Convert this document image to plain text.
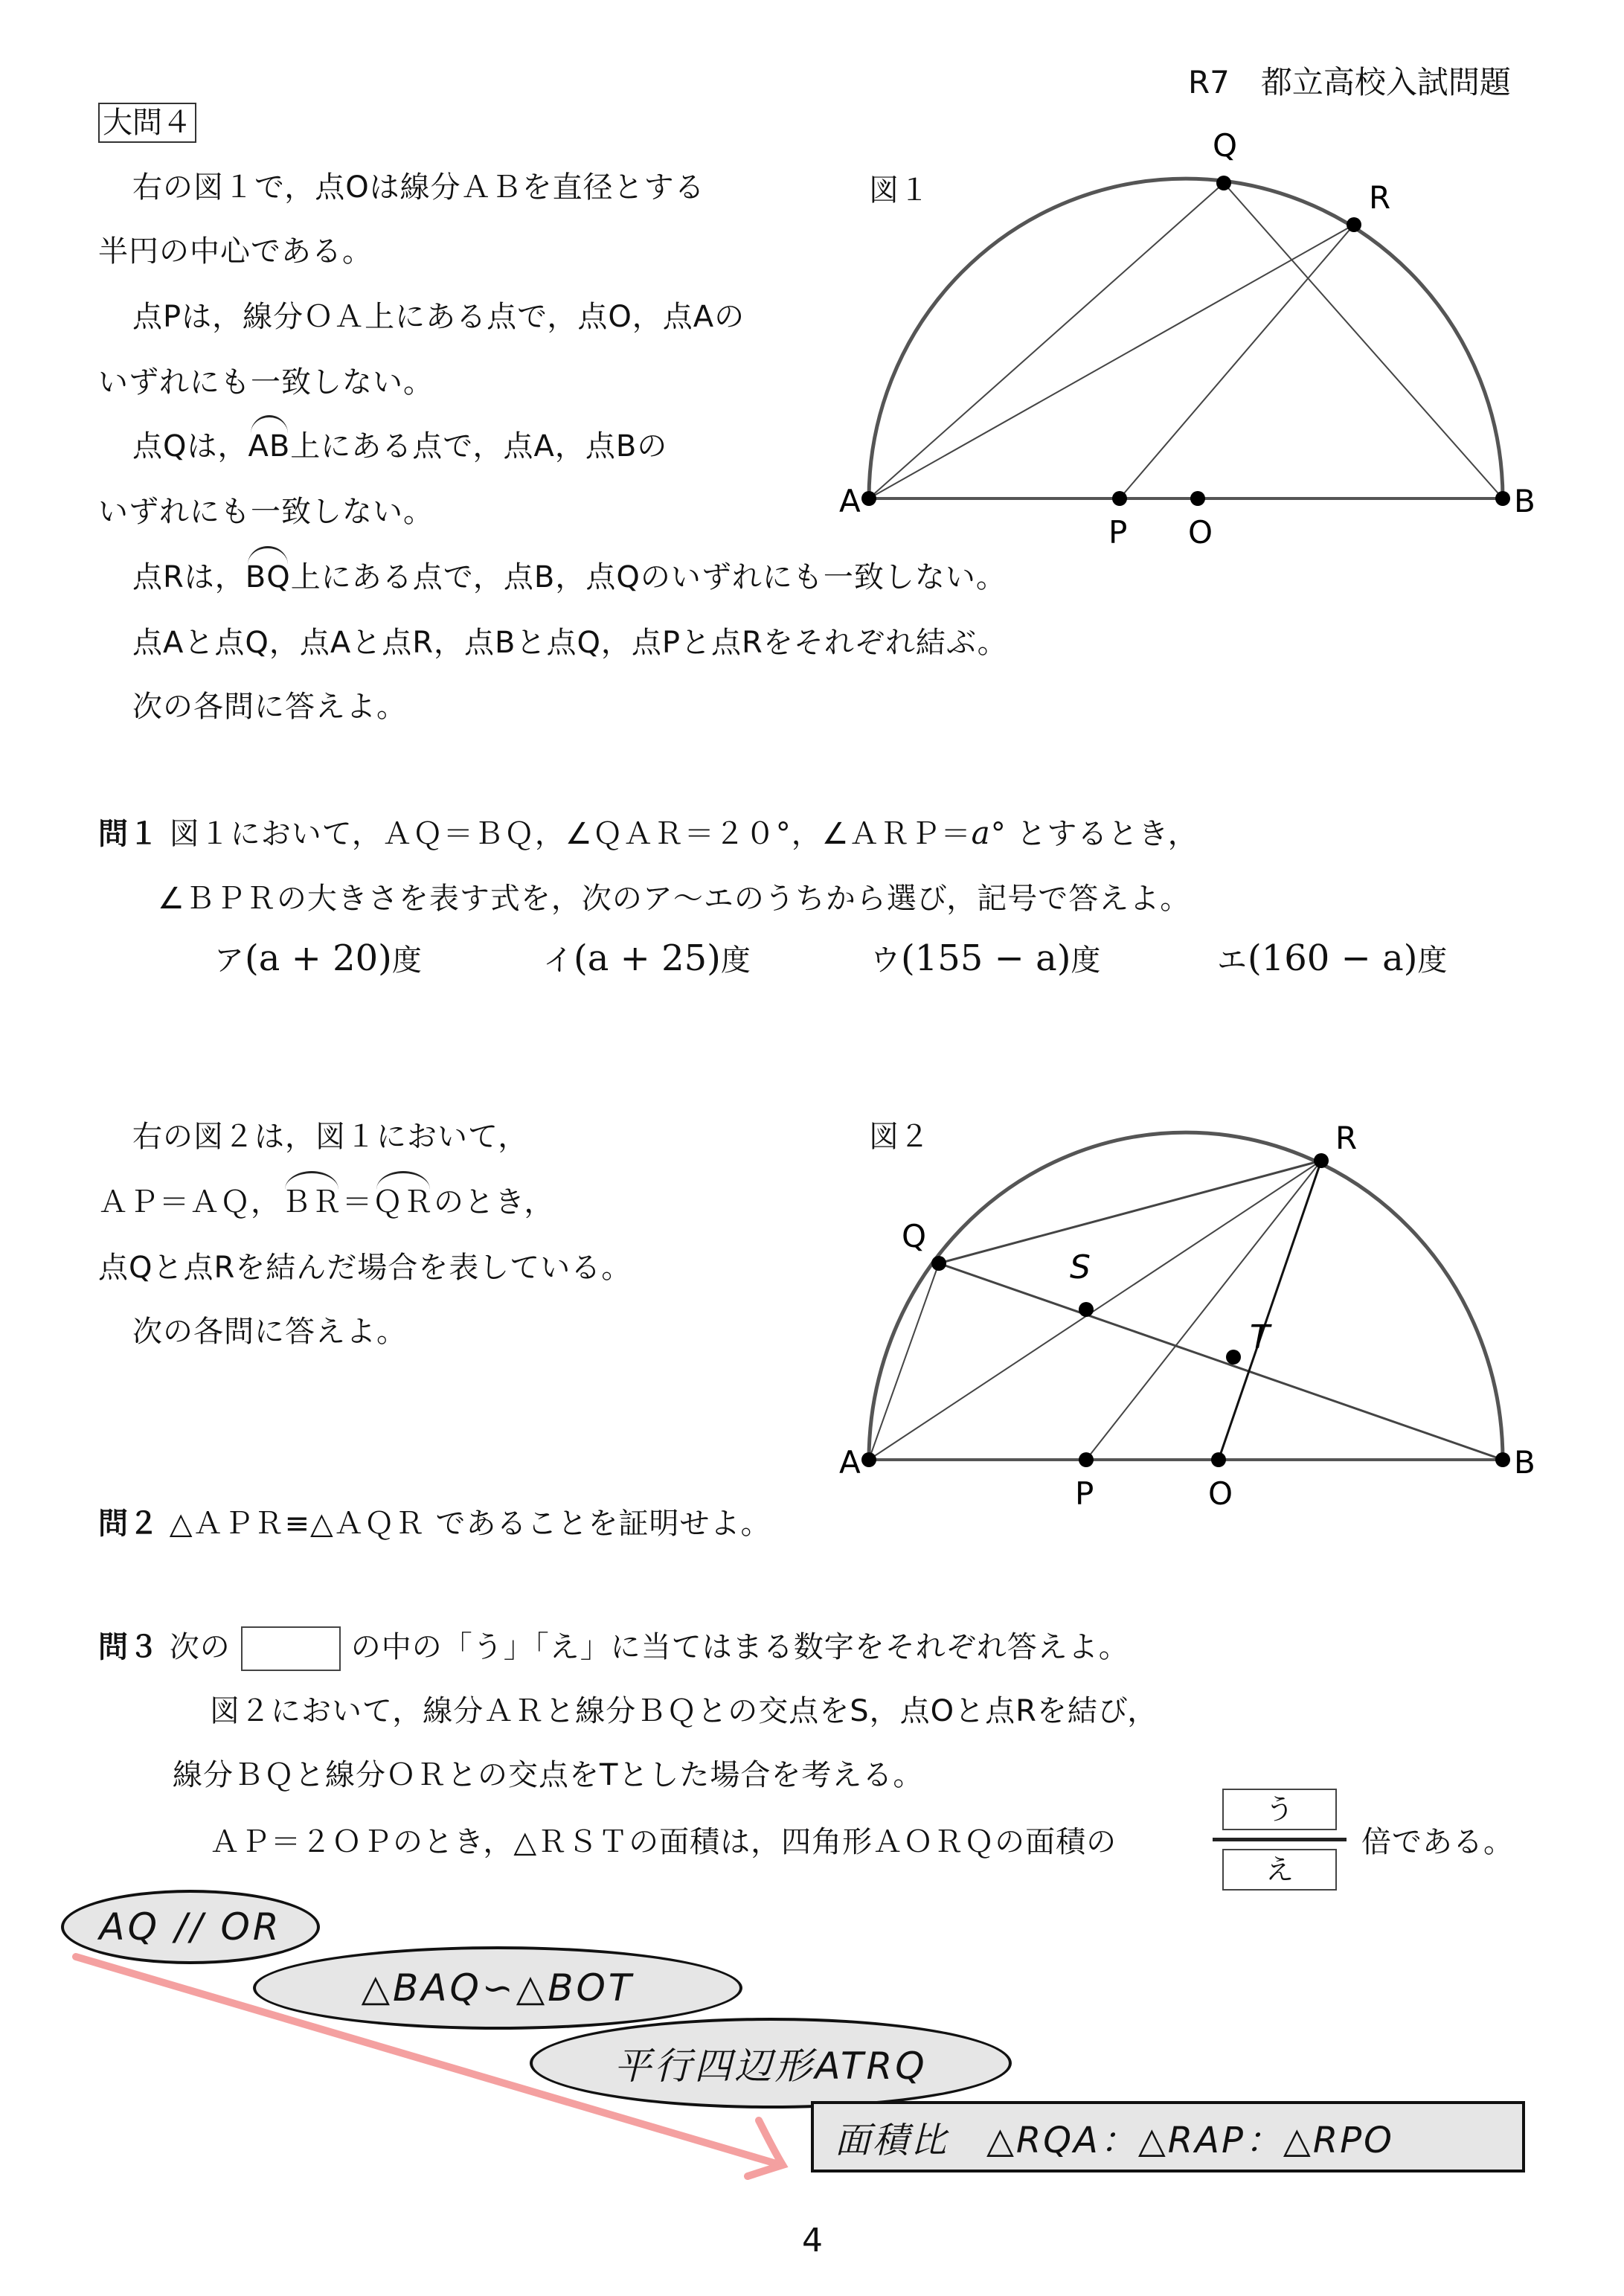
R7　都立高校入試問題
大問４
右の図１で，点Oは線分ＡＢを直径とする
半円の中心である。
点Pは，線分ＯＡ上にある点で，点O，点Aの
いずれにも一致しない。
点Qは，AB上にある点で，点A，点Bの
いずれにも一致しない。
点Rは，BQ上にある点で，点B，点Qのいずれにも一致しない。
点Aと点Q，点Aと点R，点Bと点Q，点Pと点Rをそれぞれ結ぶ。
次の各問に答えよ。
図１
A	B
P O
Q
R
問１ 図１において，ＡＱ＝ＢＱ，∠ＱＡＲ＝２０°，∠ＡＲＰ＝a° とするとき，
∠ＢＰＲの大きさを表す式を，次のア～エのうちから選び，記号で答えよ。
ア(a + 20)度	イ(a + 25)度	ウ(155 − a)度	エ(160 − a)度
右の図２は，図１において，
ＡＰ＝ＡＱ，ＢＲ＝ＱＲのとき，
点Qと点Rを結んだ場合を表している。
次の各問に答えよ。
図２
A	B
P	O
Q
R
S
T
問２ △ＡＰＲ≡△ＡＱＲ であることを証明せよ。
問３ 次の	の中の「う」「え」に当てはまる数字をそれぞれ答えよ。
図２において，線分ＡＲと線分ＢＱとの交点をS，点Oと点Rを結び，
線分ＢＱと線分ＯＲとの交点をTとした場合を考える。
ＡＰ＝２ＯＰのとき，△ＲＳＴの面積は，四角形ＡＯＲＱの面積の
う
え
倍である。
AQ // OR
△BAQ∽△BOT
平行四辺形ATRQ
面積比　△RQA：△RAP：△RPO
4
